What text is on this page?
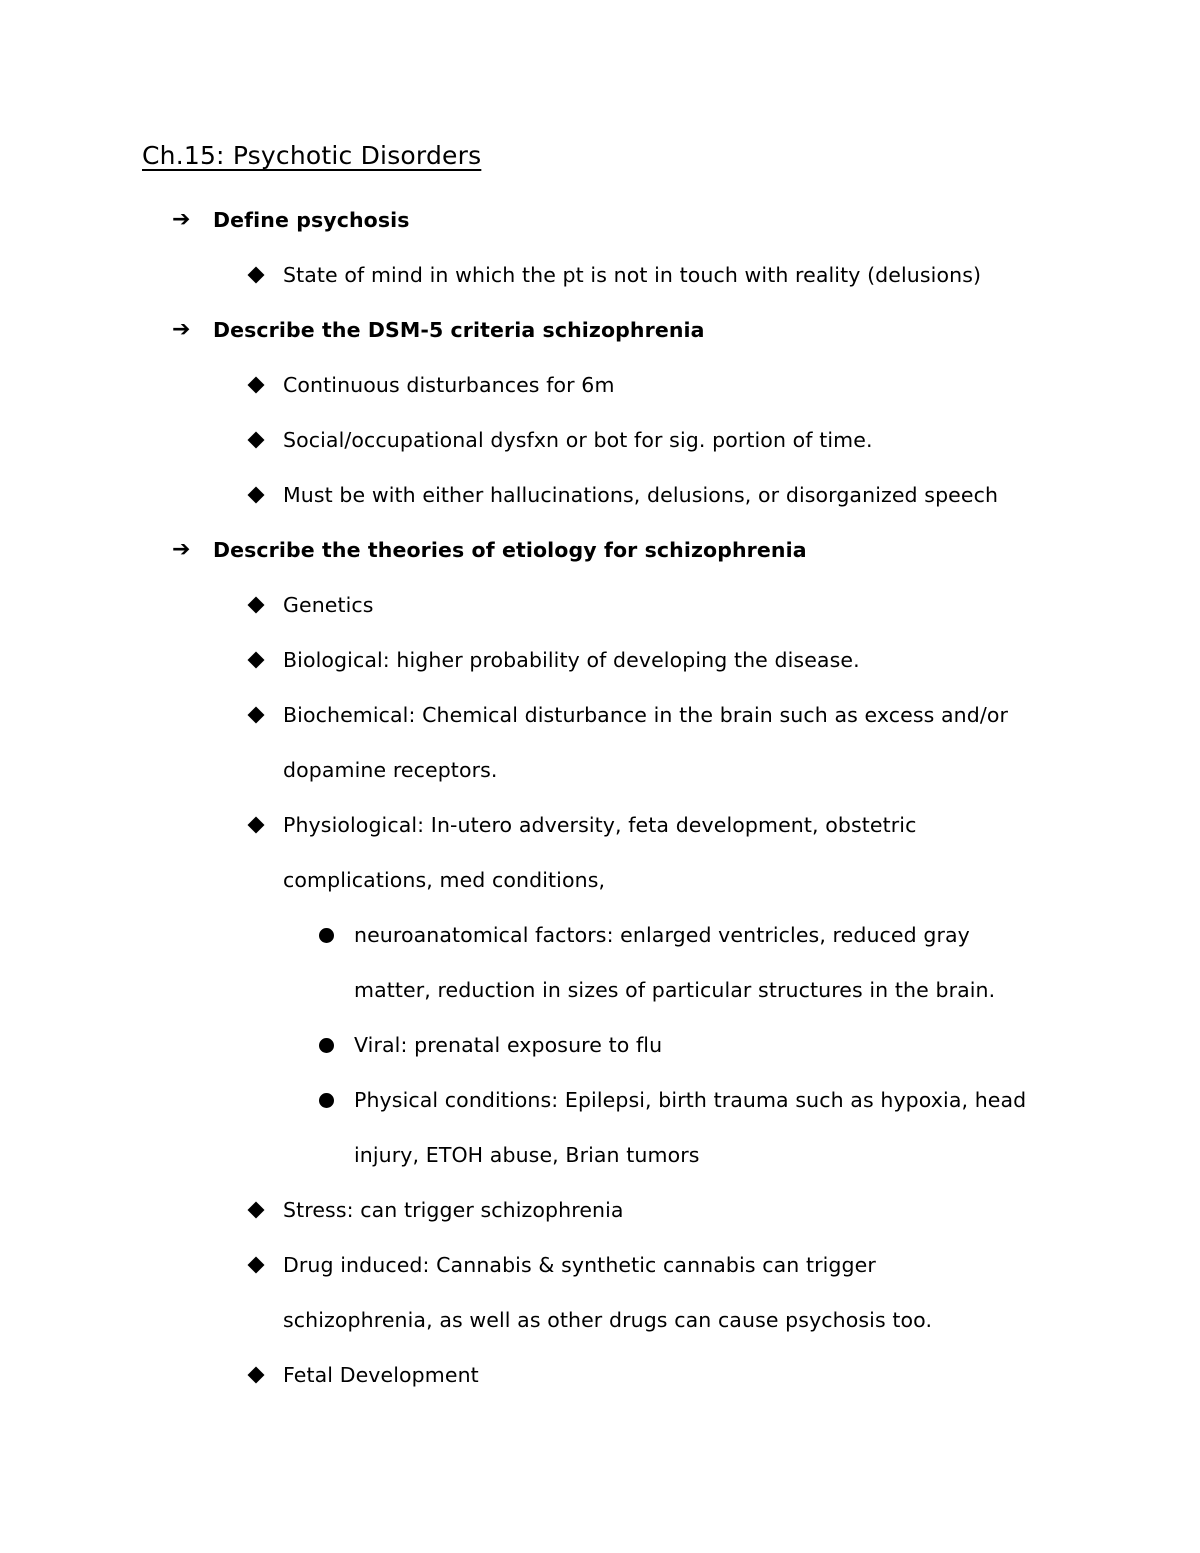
Ch.15: Psychotic Disorders
➔ Define psychosis
State of mind in which the pt is not in touch with reality (delusions)
➔ Describe the DSM-5 criteria schizophrenia
Continuous disturbances for 6m
Social/occupational dysfxn or bot for sig. portion of time.
Must be with either hallucinations, delusions, or disorganized speech
➔ Describe the theories of etiology for schizophrenia
Genetics
Biological: higher probability of developing the disease.
Biochemical: Chemical disturbance in the brain such as excess and/or
dopamine receptors.
Physiological: In-utero adversity, feta development, obstetric
complications, med conditions,
neuroanatomical factors: enlarged ventricles, reduced gray
matter, reduction in sizes of particular structures in the brain.
Viral: prenatal exposure to flu
Physical conditions: Epilepsi, birth trauma such as hypoxia, head
injury, ETOH abuse, Brian tumors
Stress: can trigger schizophrenia
Drug induced: Cannabis & synthetic cannabis can trigger
schizophrenia, as well as other drugs can cause psychosis too.
Fetal Development
